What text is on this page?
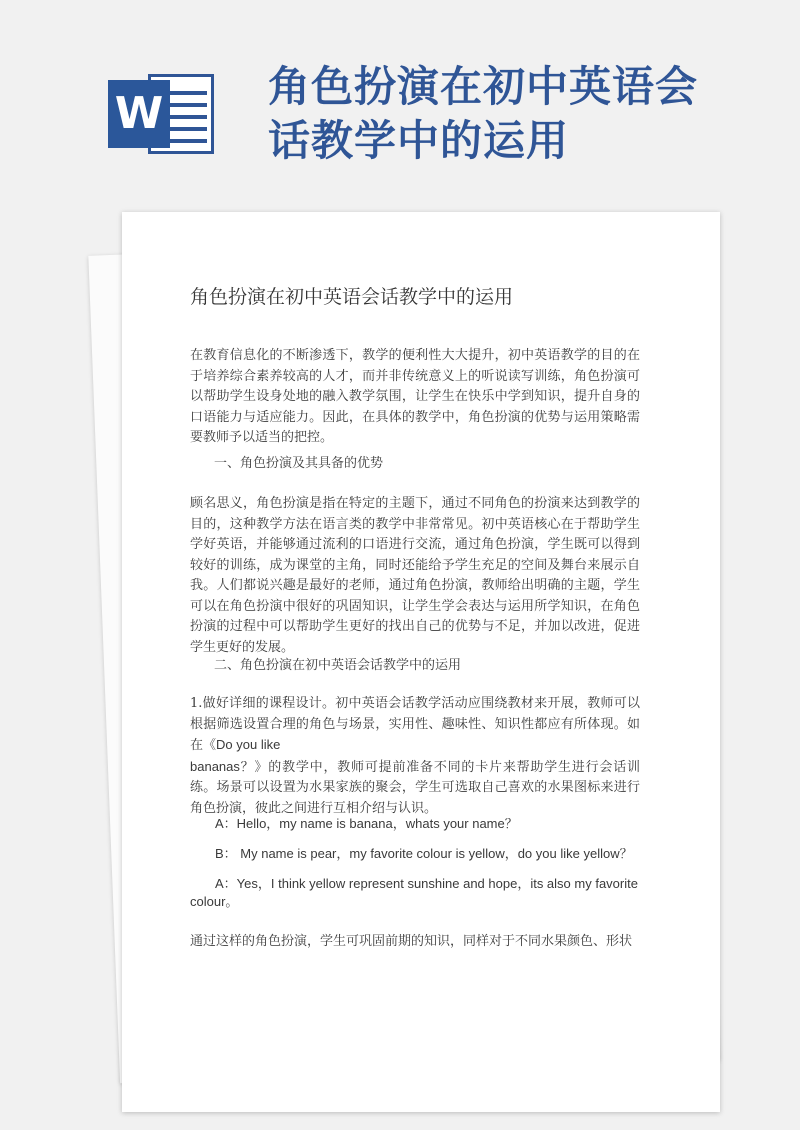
W
角色扮演在初中英语会
话教学中的运用
角色扮演在初中英语会话教学中的运用

在教育信息化的不断渗透下，教学的便利性大大提升，初中英语教学的目的在于培养综合素养较高的人才，而并非传统意义上的听说读写训练，角色扮演可以帮助学生设身处地的融入教学氛围，让学生在快乐中学到知识，提升自身的口语能力与适应能力。因此，在具体的教学中，角色扮演的优势与运用策略需要教师予以适当的把控。

一、角色扮演及其具备的优势

顾名思义，角色扮演是指在特定的主题下，通过不同角色的扮演来达到教学的目的，这种教学方法在语言类的教学中非常常见。初中英语核心在于帮助学生学好英语，并能够通过流利的口语进行交流，通过角色扮演，学生既可以得到较好的训练，成为课堂的主角，同时还能给予学生充足的空间及舞台来展示自我。人们都说兴趣是最好的老师，通过角色扮演，教师给出明确的主题，学生可以在角色扮演中很好的巩固知识，让学生学会表达与运用所学知识，在角色扮演的过程中可以帮助学生更好的找出自己的优势与不足，并加以改进，促进学生更好的发展。

二、角色扮演在初中英语会话教学中的运用

1.做好详细的课程设计。初中英语会话教学活动应围绕教材来开展，教师可以根据筛选设置合理的角色与场景，实用性、趣味性、知识性都应有所体现。如在《Do you like
bananas？》的教学中，教师可提前准备不同的卡片来帮助学生进行会话训练。场景可以设置为水果家族的聚会，学生可选取自己喜欢的水果图标来进行角色扮演，彼此之间进行互相介绍与认识。

A：Hello，my name is banana，whats your name？

B： My name is pear，my favorite colour is yellow，do you like yellow？

A：Yes，I think yellow represent sunshine and hope，its also my favorite colour。

通过这样的角色扮演，学生可巩固前期的知识，同样对于不同水果颜色、形状
